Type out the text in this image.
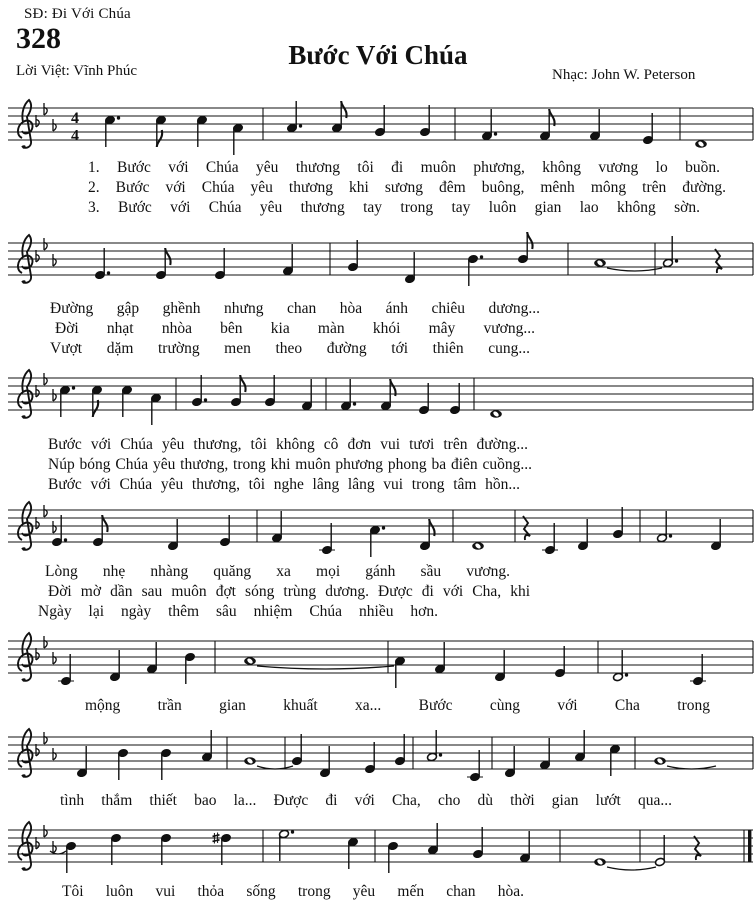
SĐ: Đi Với Chúa
328	Bước Với Chúa
Lời Việt: Vĩnh Phúc	Nhạc: John W. Peterson
4
4
1. Bước với Chúa yêu thương tôi đi muôn phương, không vương lo buồn.
2. Bước với Chúa yêu thương khi sương đêm buông, mênh mông trên đường.
3. Bước với Chúa yêu thương tay trong tay luôn gian lao không sờn.
Đường gập ghềnh nhưng chan hòa ánh chiêu dương...
Đời nhạt nhòa bên kia màn khói mây vương...
Vượt dặm trường men theo đường tới thiên cung...
Bước với Chúa yêu thương, tôi không cô đơn vui tươi trên đường...
Núp bóng Chúa yêu thương, trong khi muôn phương phong ba điên cuồng...
Bước với Chúa yêu thương, tôi nghe lâng lâng vui trong tâm hồn...
Lòng nhẹ nhàng quăng xa mọi gánh sầu vương.
Đời mờ dần sau muôn đợt sóng trùng dương. Được đi với Cha, khi
Ngày lại ngày thêm sâu nhiệm Chúa nhiều hơn.
mộng trần gian khuất xa... Bước cùng với Cha trong
tình thắm thiết bao la... Được đi với Cha, cho dù thời gian lướt qua...
Tôi luôn vui thỏa sống trong yêu mến chan hòa.
